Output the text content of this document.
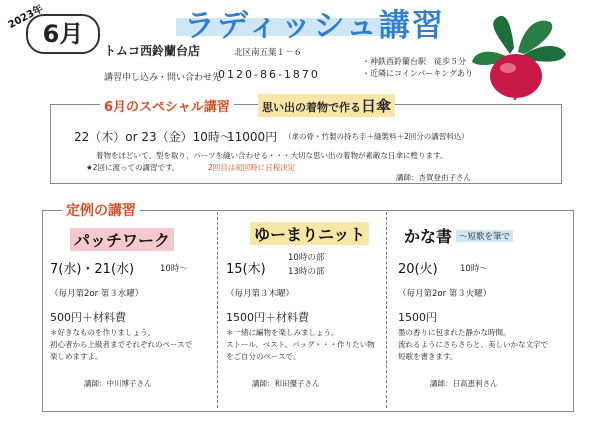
2023年
6月	ラディッシュ講習
トムコ西鈴蘭台店	北区南五葉１－６
・神鉄西鈴蘭台駅　徒歩５分
・近隣にコインパーキングあり
講習申し込み・問い合わせ先
0120-86-1870
6月のスペシャル講習	思い出の着物で作る日傘
22（木）or 23（金）10時～
11000円 （傘の骨・竹製の持ち手＋縫製料＋2回分の講習料込）
着物をほどいて、型を取り、パーツを縫い合わせる・・・大切な思い出の着物が素敵な日傘に甦ります。
★2回に渡っての講習です。	2回目は初回時に日程決定
講師：杏賀登由子さん
定例の講習
パッチワーク
7(水)・21(水)	10時～
（毎月第2or 第３水曜）
500円＋材料費
＊好きなものを作りましょう。
初心者から上級者までそれぞれのペースで
楽しめますよ。
講師：中川博子さん
ゆーまりニット
15(木)
10時の部
13時の部
（毎月第３木曜）
1500円＋材料費
＊一緒に編物を楽しみましょう。
ストール、ベスト、バッグ・・・作りたい物
をご自分のペースで。
講師：和田優子さん
かな書 ～短歌を筆で
20(火)	10時～
（毎月第2or 第３火曜）
1500円
墨の香りに包まれた静かな時間。
流れるようにさらさらと、美しいかな文字で
短歌を書きます。
講師：日高恵利さん
